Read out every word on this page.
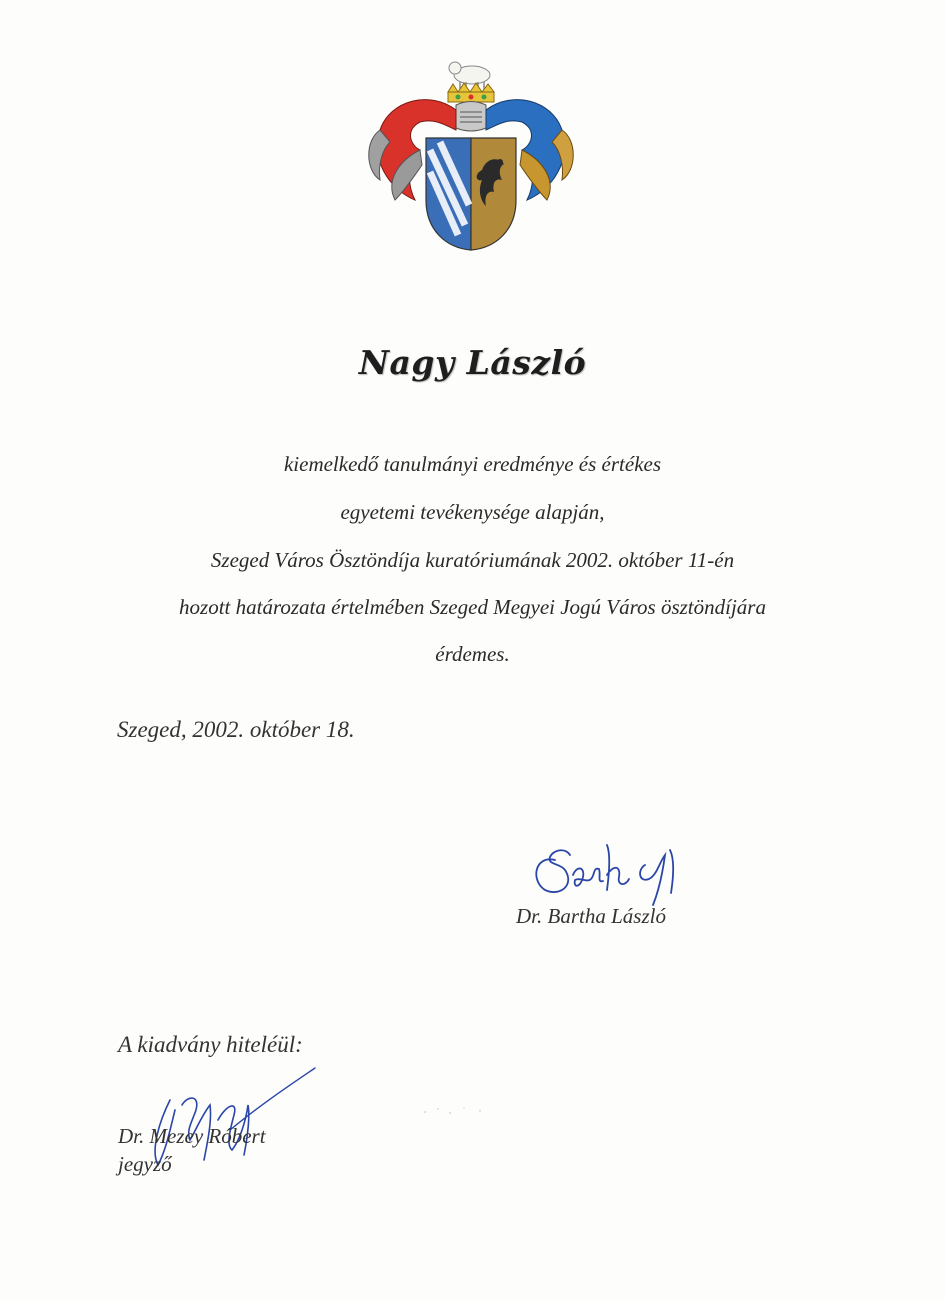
Nagy László
kiemelkedő tanulmányi eredménye és értékes
egyetemi tevékenysége alapján,
Szeged Város Ösztöndíja kuratóriumának 2002. október 11-én
hozott határozata értelmében Szeged Megyei Jogú Város ösztöndíjára
érdemes.
Szeged, 2002. október 18.
Dr. Bartha László
A kiadvány hiteléül:
Dr. Mezey Róbert
jegyző
